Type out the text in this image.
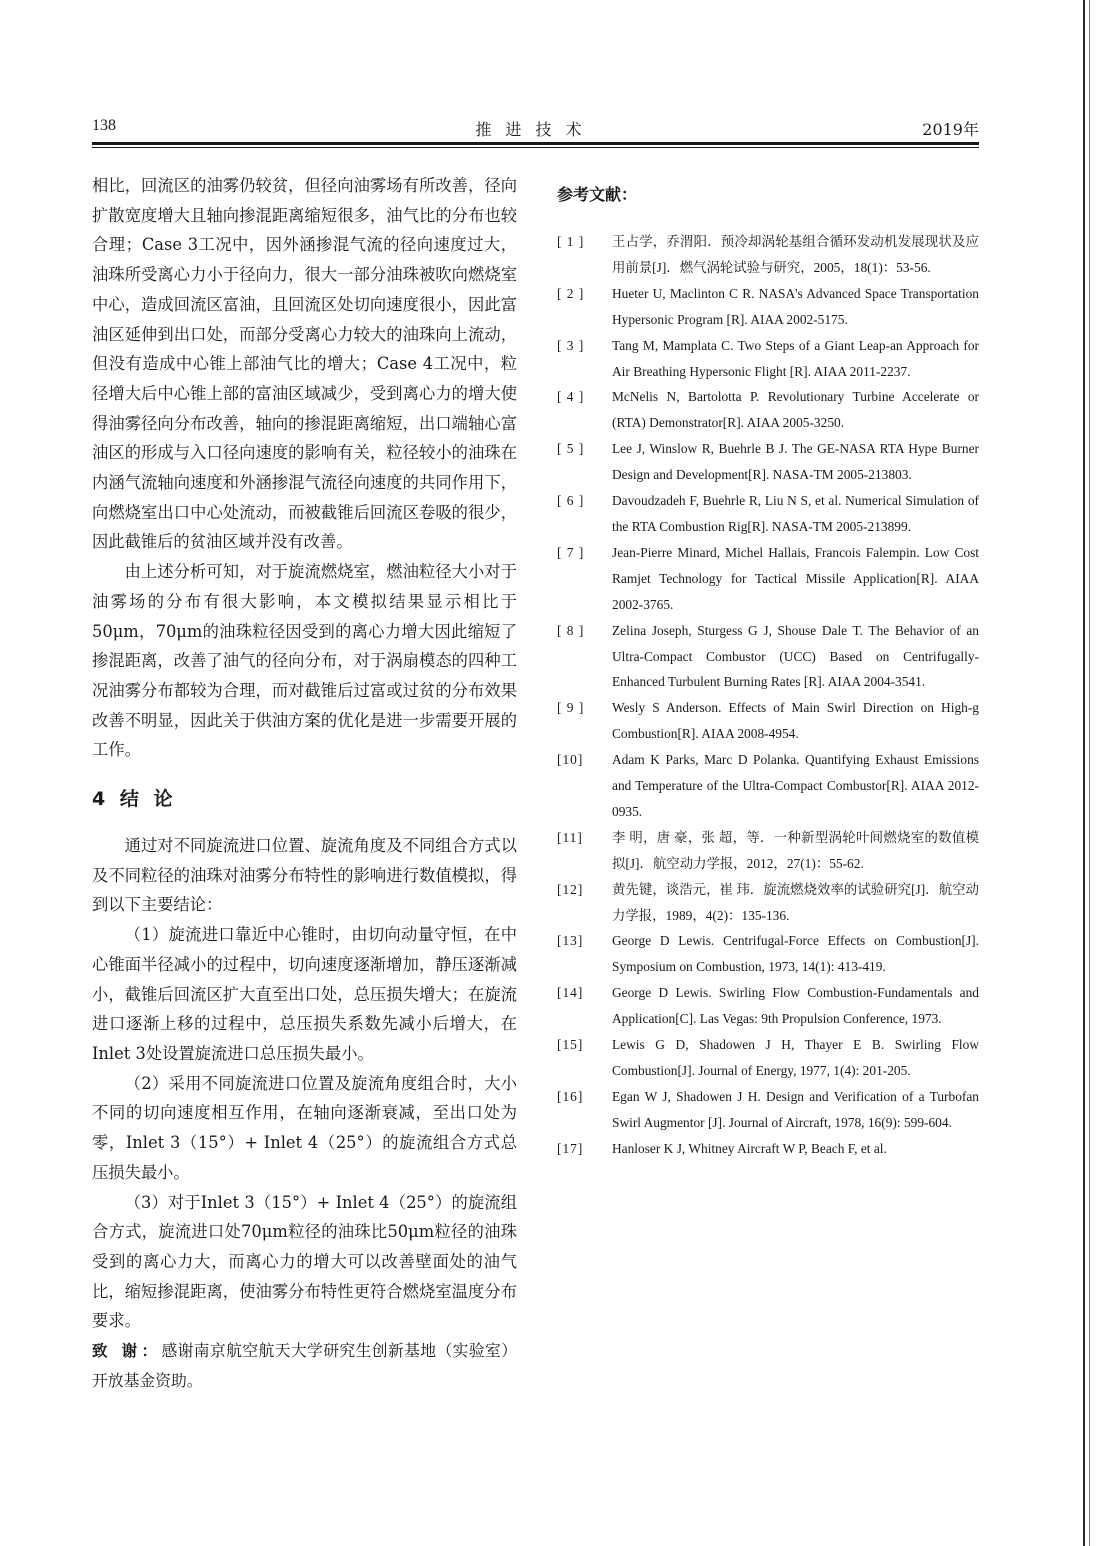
138	推进技术	2019年

相比，回流区的油雾仍较贫，但径向油雾场有所改善，径向扩散宽度增大且轴向掺混距离缩短很多，油气比的分布也较合理；Case 3工况中，因外涵掺混气流的径向速度过大，油珠所受离心力小于径向力，很大一部分油珠被吹向燃烧室中心，造成回流区富油，且回流区处切向速度很小，因此富油区延伸到出口处，而部分受离心力较大的油珠向上流动，但没有造成中心锥上部油气比的增大；Case 4工况中，粒径增大后中心锥上部的富油区域减少，受到离心力的增大使得油雾径向分布改善，轴向的掺混距离缩短，出口端轴心富油区的形成与入口径向速度的影响有关，粒径较小的油珠在内涵气流轴向速度和外涵掺混气流径向速度的共同作用下，向燃烧室出口中心处流动，而被截锥后回流区卷吸的很少，因此截锥后的贫油区域并没有改善。

由上述分析可知，对于旋流燃烧室，燃油粒径大小对于油雾场的分布有很大影响，本文模拟结果显示相比于50μm，70μm的油珠粒径因受到的离心力增大因此缩短了掺混距离，改善了油气的径向分布，对于涡扇模态的四种工况油雾分布都较为合理，而对截锥后过富或过贫的分布效果改善不明显，因此关于供油方案的优化是进一步需要开展的工作。

4 结 论

通过对不同旋流进口位置、旋流角度及不同组合方式以及不同粒径的油珠对油雾分布特性的影响进行数值模拟，得到以下主要结论：

（1）旋流进口靠近中心锥时，由切向动量守恒，在中心锥面半径减小的过程中，切向速度逐渐增加，静压逐渐减小，截锥后回流区扩大直至出口处，总压损失增大；在旋流进口逐渐上移的过程中，总压损失系数先减小后增大，在Inlet 3处设置旋流进口总压损失最小。

（2）采用不同旋流进口位置及旋流角度组合时，大小不同的切向速度相互作用，在轴向逐渐衰减，至出口处为零，Inlet 3（15°）+ Inlet 4（25°）的旋流组合方式总压损失最小。

（3）对于Inlet 3（15°）+ Inlet 4（25°）的旋流组合方式，旋流进口处70μm粒径的油珠比50μm粒径的油珠受到的离心力大，而离心力的增大可以改善壁面处的油气比，缩短掺混距离，使油雾分布特性更符合燃烧室温度分布要求。

致 谢：感谢南京航空航天大学研究生创新基地（实验室）开放基金资助。

参考文献：
[ 1 ]	王占学，乔渭阳．预冷却涡轮基组合循环发动机发展现状及应用前景[J]．燃气涡轮试验与研究，2005，18(1)：53-56.
[ 2 ]	Hueter U, Maclinton C R. NASA's Advanced Space Transportation Hypersonic Program [R]. AIAA 2002-5175.
[ 3 ]	Tang M, Mamplata C. Two Steps of a Giant Leap-an Approach for Air Breathing Hypersonic Flight [R]. AIAA 2011-2237.
[ 4 ]	McNelis N, Bartolotta P. Revolutionary Turbine Accelerate or (RTA) Demonstrator[R]. AIAA 2005-3250.
[ 5 ]	Lee J, Winslow R, Buehrle B J. The GE-NASA RTA Hype Burner Design and Development[R]. NASA-TM 2005-213803.
[ 6 ]	Davoudzadeh F, Buehrle R, Liu N S, et al. Numerical Simulation of the RTA Combustion Rig[R]. NASA-TM 2005-213899.
[ 7 ]	Jean-Pierre Minard, Michel Hallais, Francois Falempin. Low Cost Ramjet Technology for Tactical Missile Application[R]. AIAA 2002-3765.
[ 8 ]	Zelina Joseph, Sturgess G J, Shouse Dale T. The Behavior of an Ultra-Compact Combustor (UCC) Based on Centrifugally-Enhanced Turbulent Burning Rates [R]. AIAA 2004-3541.
[ 9 ]	Wesly S Anderson. Effects of Main Swirl Direction on High-g Combustion[R]. AIAA 2008-4954.
[10]	Adam K Parks, Marc D Polanka. Quantifying Exhaust Emissions and Temperature of the Ultra-Compact Combustor[R]. AIAA 2012-0935.
[11]	李 明，唐 豪，张 超，等．一种新型涡轮叶间燃烧室的数值模拟[J]．航空动力学报，2012，27(1)：55-62.
[12]	黄先键，谈浩元，崔 玮．旋流燃烧效率的试验研究[J]．航空动力学报，1989，4(2)：135-136.
[13]	George D Lewis. Centrifugal-Force Effects on Combustion[J]. Symposium on Combustion, 1973, 14(1): 413-419.
[14]	George D Lewis. Swirling Flow Combustion-Fundamentals and Application[C]. Las Vegas: 9th Propulsion Conference, 1973.
[15]	Lewis G D, Shadowen J H, Thayer E B. Swirling Flow Combustion[J]. Journal of Energy, 1977, 1(4): 201-205.
[16]	Egan W J, Shadowen J H. Design and Verification of a Turbofan Swirl Augmentor [J]. Journal of Aircraft, 1978, 16(9): 599-604.
[17]	Hanloser K J, Whitney Aircraft W P, Beach F, et al.
